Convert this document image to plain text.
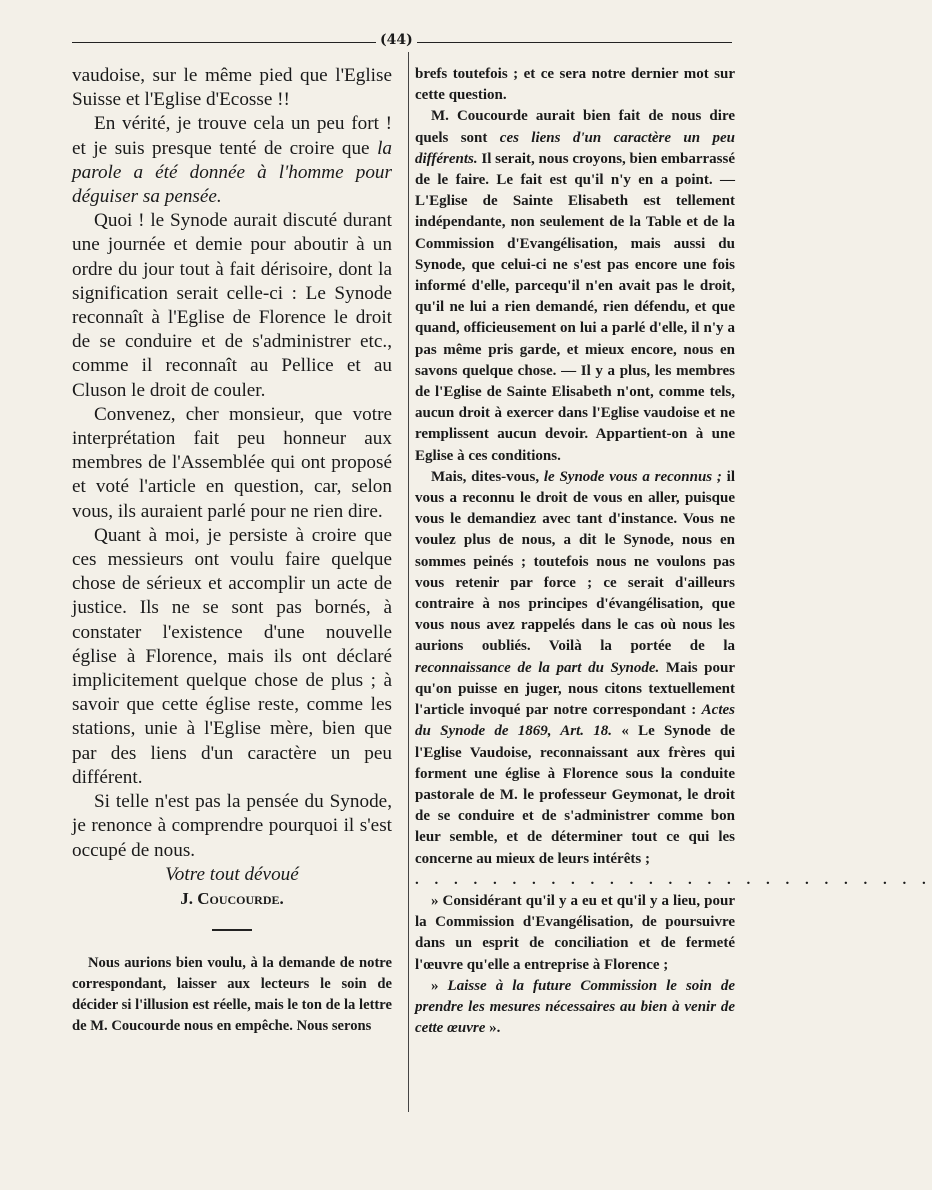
(44)

vaudoise, sur le même pied que l'Eglise Suisse et l'Eglise d'Ecosse !!

En vérité, je trouve cela un peu fort ! et je suis presque tenté de croire que la parole a été donnée à l'homme pour déguiser sa pensée.

Quoi ! le Synode aurait discuté durant une journée et demie pour aboutir à un ordre du jour tout à fait dérisoire, dont la signification serait celle-ci : Le Synode reconnaît à l'Eglise de Florence le droit de se conduire et de s'administrer etc., comme il reconnaît au Pellice et au Cluson le droit de couler.

Convenez, cher monsieur, que votre interprétation fait peu honneur aux membres de l'Assemblée qui ont proposé et voté l'article en question, car, selon vous, ils auraient parlé pour ne rien dire.

Quant à moi, je persiste à croire que ces messieurs ont voulu faire quelque chose de sérieux et accomplir un acte de justice. Ils ne se sont pas bornés, à constater l'existence d'une nouvelle église à Florence, mais ils ont déclaré implicitement quelque chose de plus ; à savoir que cette église reste, comme les stations, unie à l'Eglise mère, bien que par des liens d'un caractère un peu différent.

Si telle n'est pas la pensée du Synode, je renonce à comprendre pourquoi il s'est occupé de nous.

Votre tout dévoué

J. Coucourde.

Nous aurions bien voulu, à la demande de notre correspondant, laisser aux lecteurs le soin de décider si l'illusion est réelle, mais le ton de la lettre de M. Coucourde nous en empêche. Nous serons

brefs toutefois ; et ce sera notre dernier mot sur cette question.

M. Coucourde aurait bien fait de nous dire quels sont ces liens d'un caractère un peu différents. Il serait, nous croyons, bien embarrassé de le faire. Le fait est qu'il n'y en a point. — L'Eglise de Sainte Elisabeth est tellement indépendante, non seulement de la Table et de la Commission d'Evangélisation, mais aussi du Synode, que celui-ci ne s'est pas encore une fois informé d'elle, parcequ'il n'en avait pas le droit, qu'il ne lui a rien demandé, rien défendu, et que quand, officieusement on lui a parlé d'elle, il n'y a pas même pris garde, et mieux encore, nous en savons quelque chose. — Il y a plus, les membres de l'Eglise de Sainte Elisabeth n'ont, comme tels, aucun droit à exercer dans l'Eglise vaudoise et ne remplissent aucun devoir. Appartient-on à une Eglise à ces conditions.

Mais, dites-vous, le Synode vous a reconnus ; il vous a reconnu le droit de vous en aller, puisque vous le demandiez avec tant d'instance. Vous ne voulez plus de nous, a dit le Synode, nous en sommes peinés ; toutefois nous ne voulons pas vous retenir par force ; ce serait d'ailleurs contraire à nos principes d'évangélisation, que vous nous avez rappelés dans le cas où nous les aurions oubliés. Voilà la portée de la reconnaissance de la part du Synode. Mais pour qu'on puisse en juger, nous citons textuellement l'article invoqué par notre correspondant : Actes du Synode de 1869, Art. 18. « Le Synode de l'Eglise Vaudoise, reconnaissant aux frères qui forment une église à Florence sous la conduite pastorale de M. le professeur Geymonat, le droit de se conduire et de s'administrer comme bon leur semble, et de déterminer tout ce qui les concerne au mieux de leurs intérêts ;

. . . . . . . . . . . . . . . . . . . . . . . . . . .

» Considérant qu'il y a eu et qu'il y a lieu, pour la Commission d'Evangélisation, de poursuivre dans un esprit de conciliation et de fermeté l'œuvre qu'elle a entreprise à Florence ;

» Laisse à la future Commission le soin de prendre les mesures nécessaires au bien à venir de cette œuvre ».
